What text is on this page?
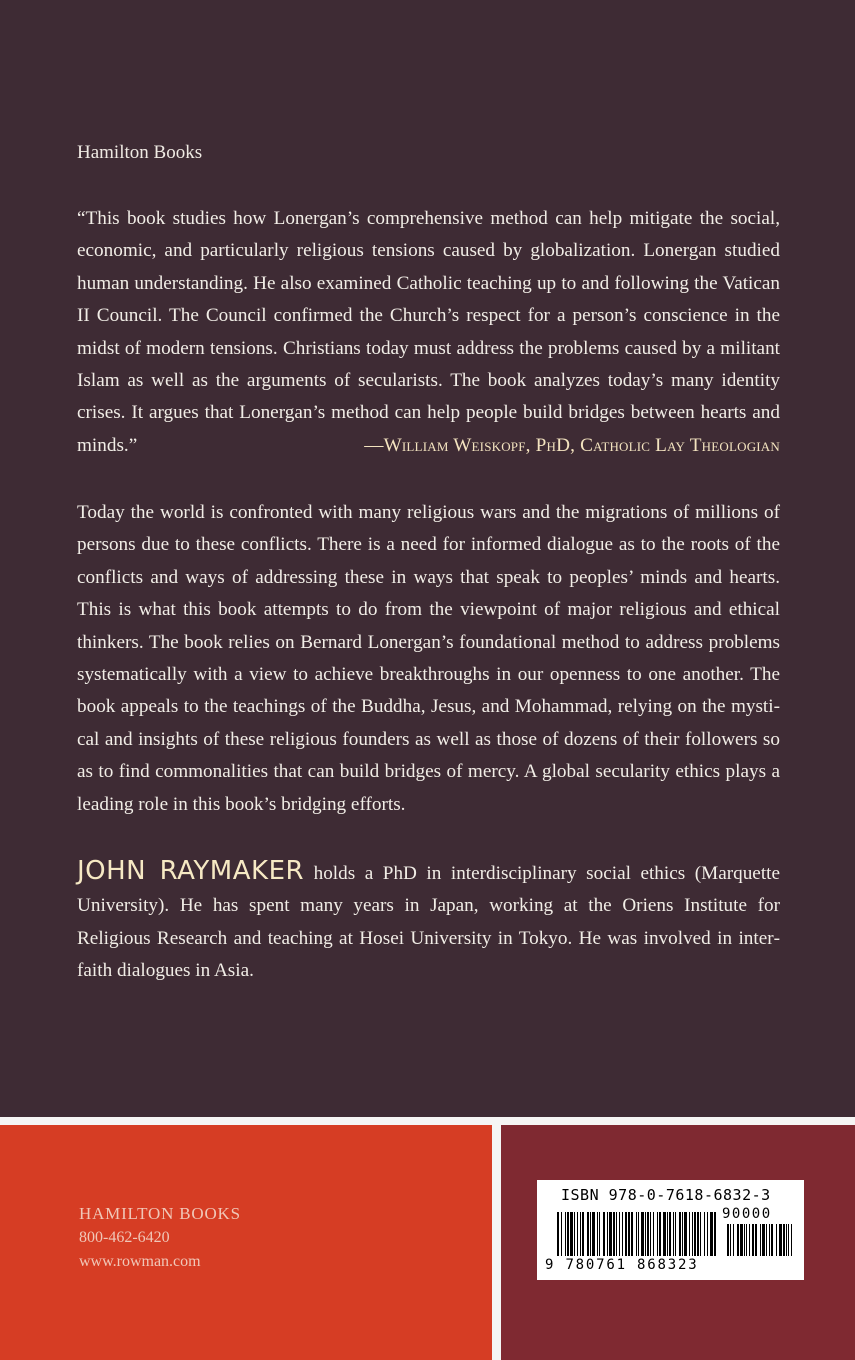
Hamilton Books
“This book studies how Lonergan’s comprehensive method can help mitigate the social, economic, and particularly religious tensions caused by globalization. Lonergan studied human understanding. He also examined Catholic teaching up to and following the Vatican II Council. The Council confirmed the Church’s respect for a person’s conscience in the midst of modern tensions. Christians today must address the problems caused by a militant Islam as well as the arguments of secularists. The book analyzes today’s many identity crises. It argues that Lonergan’s method can help people build bridges between hearts and minds.”	—William Weiskopf, PhD, Catholic Lay Theologian
Today the world is confronted with many religious wars and the migrations of millions of persons due to these conflicts. There is a need for informed dialogue as to the roots of the conflicts and ways of addressing these in ways that speak to peoples’ minds and hearts. This is what this book attempts to do from the viewpoint of major religious and ethical thinkers. The book relies on Bernard Lonergan’s foundational method to address problems systematically with a view to achieve breakthroughs in our openness to one another. The book appeals to the teachings of the Buddha, Jesus, and Mohammad, relying on the mystical and insights of these religious founders as well as those of dozens of their followers so as to find commonalities that can build bridges of mercy. A global secularity ethics plays a leading role in this book’s bridging efforts.
JOHN RAYMAKER holds a PhD in interdisciplinary social ethics (Marquette University). He has spent many years in Japan, working at the Oriens Institute for Religious Research and teaching at Hosei University in Tokyo. He was involved in interfaith dialogues in Asia.
HAMILTON BOOKS
800-462-6420
www.rowman.com
ISBN 978-0-7618-6832-3
90000
9 780761 868323
